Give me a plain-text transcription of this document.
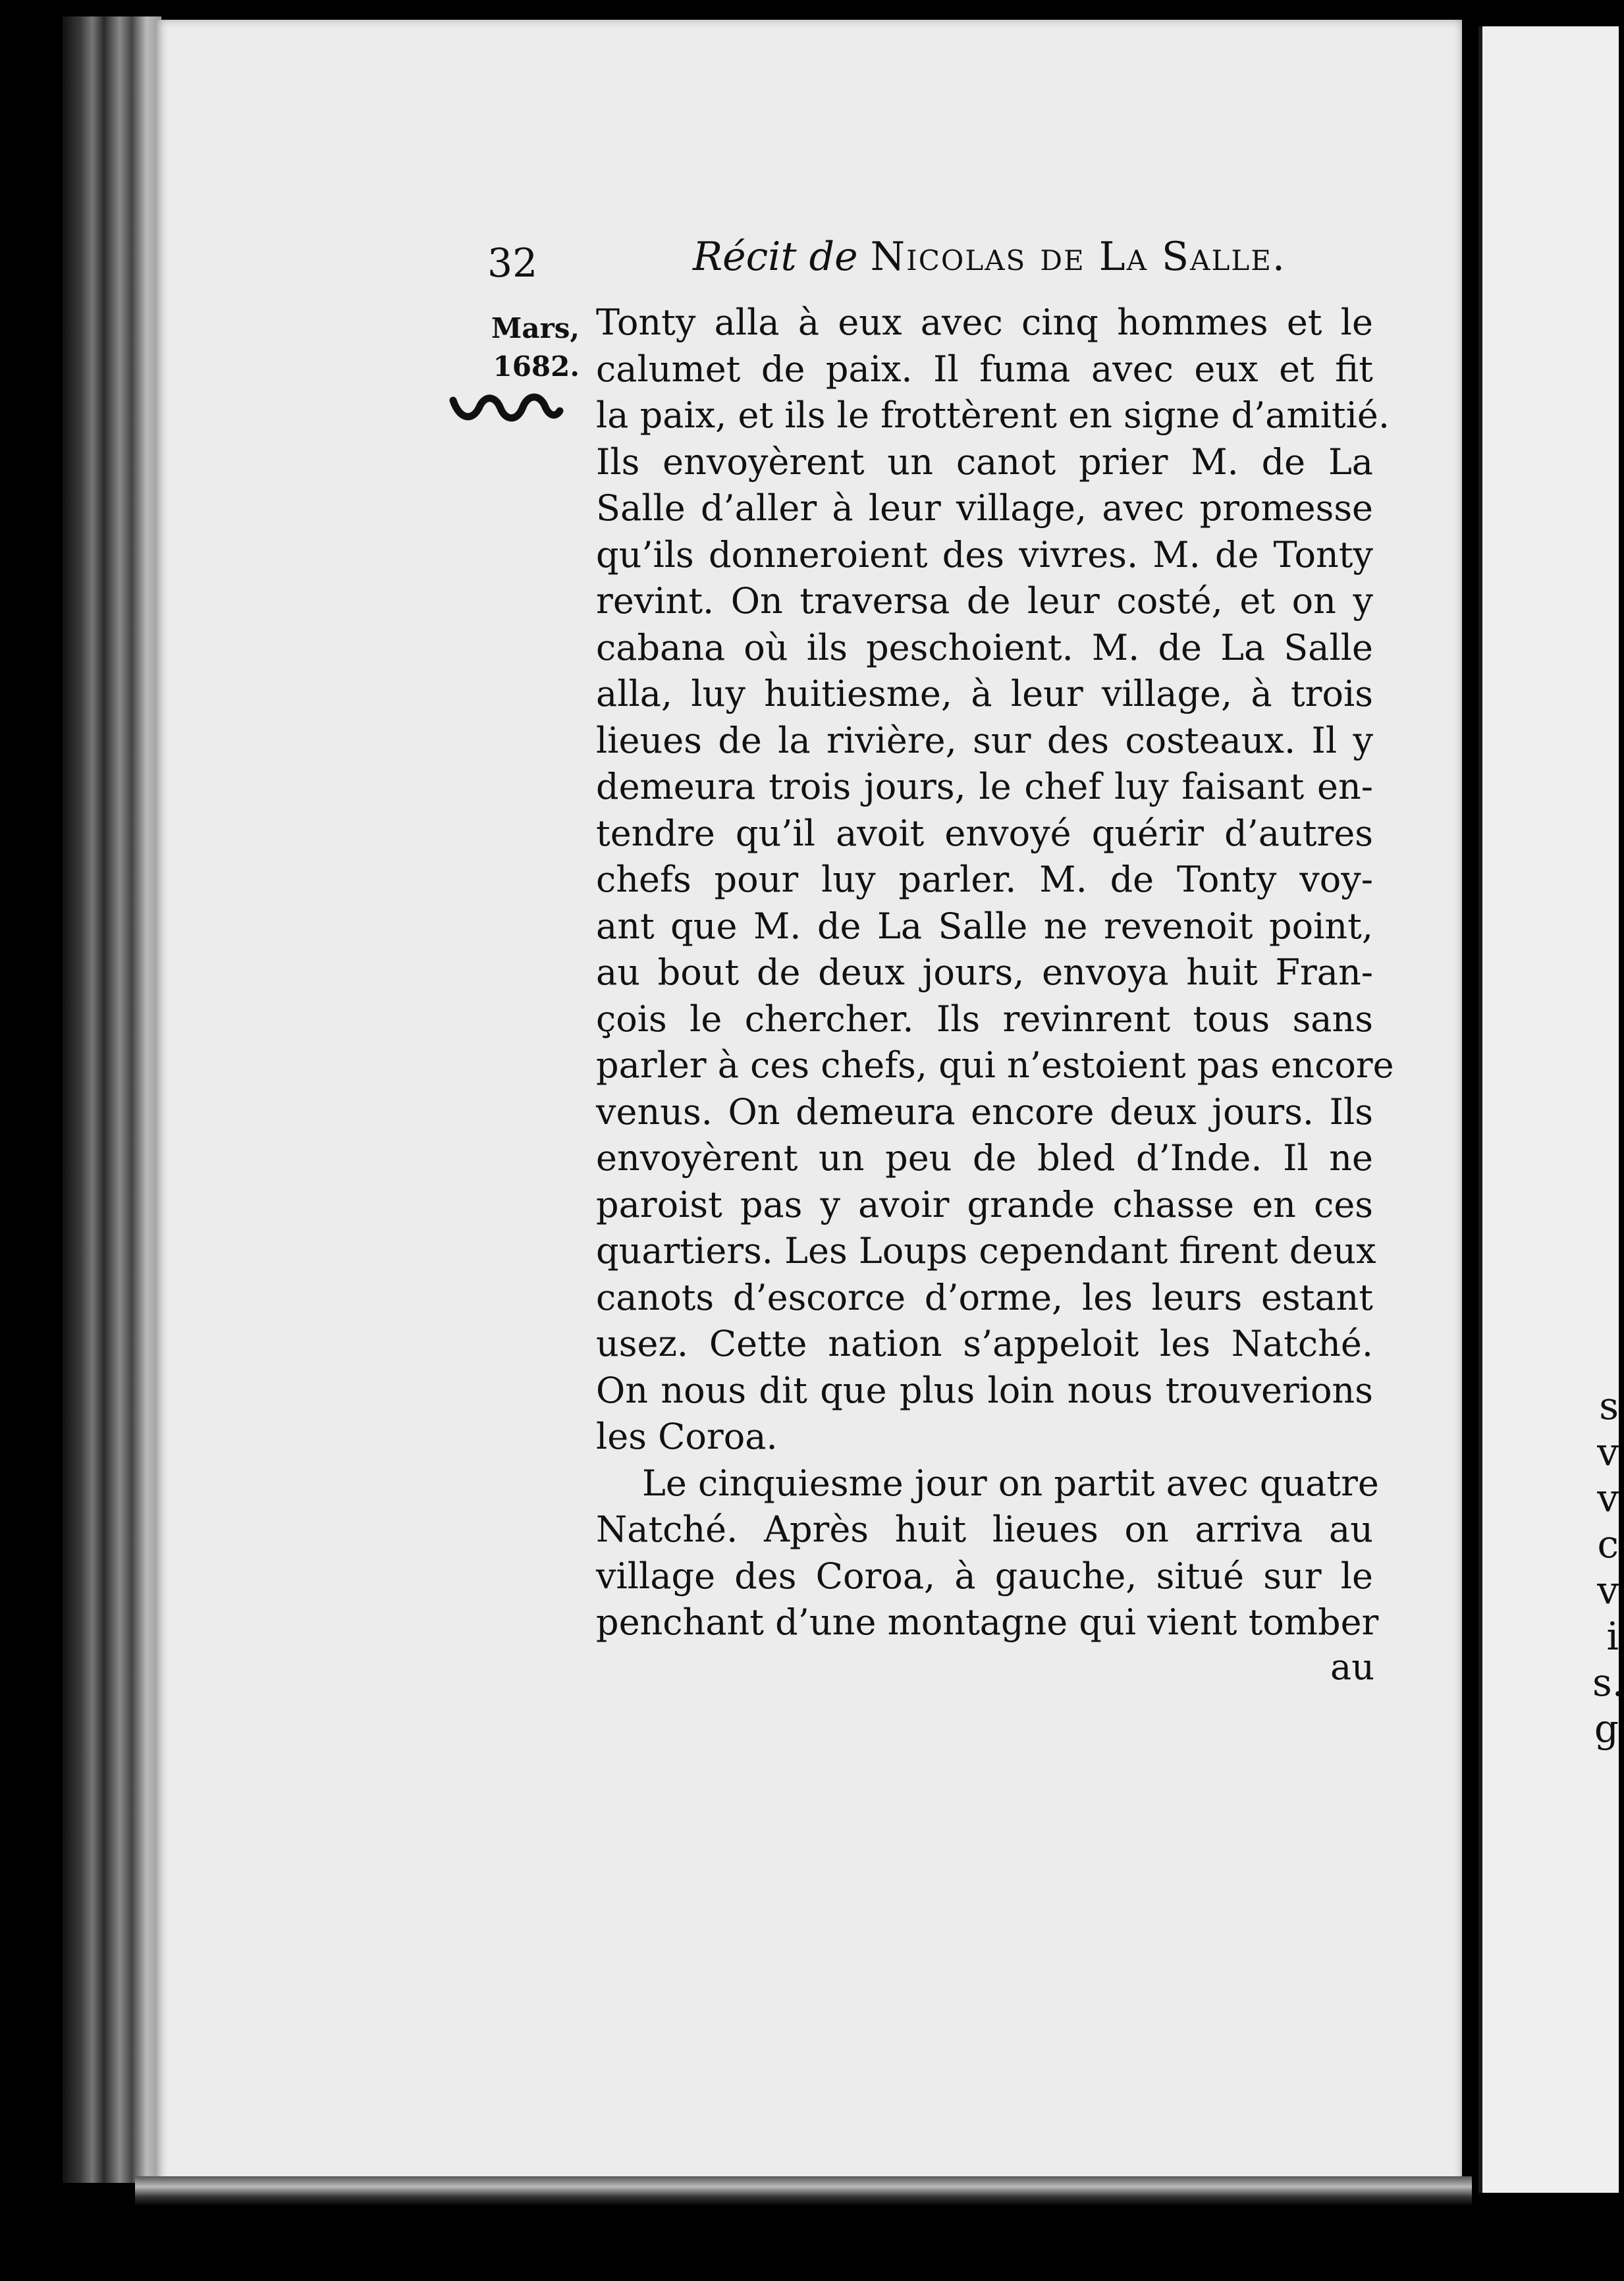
s
v
v
c
v
i
s.
g
32	Récit de Nicolas de La Salle.
Mars,
1682.
Tonty alla à eux avec cinq hommes et le
calumet de paix. Il fuma avec eux et fit
la paix, et ils le frottèrent en signe d’amitié.
Ils envoyèrent un canot prier M. de La
Salle d’aller à leur village, avec promesse
qu’ils donneroient des vivres. M. de Tonty
revint. On traversa de leur costé, et on y
cabana où ils peschoient. M. de La Salle
alla, luy huitiesme, à leur village, à trois
lieues de la rivière, sur des costeaux. Il y
demeura trois jours, le chef luy faisant en-
tendre qu’il avoit envoyé quérir d’autres
chefs pour luy parler. M. de Tonty voy-
ant que M. de La Salle ne revenoit point,
au bout de deux jours, envoya huit Fran-
çois le chercher. Ils revinrent tous sans
parler à ces chefs, qui n’estoient pas encore
venus. On demeura encore deux jours. Ils
envoyèrent un peu de bled d’Inde. Il ne
paroist pas y avoir grande chasse en ces
quartiers. Les Loups cependant firent deux
canots d’escorce d’orme, les leurs estant
usez. Cette nation s’appeloit les Natché.
On nous dit que plus loin nous trouverions
les Coroa.
Le cinquiesme jour on partit avec quatre
Natché. Après huit lieues on arriva au
village des Coroa, à gauche, situé sur le
penchant d’une montagne qui vient tomber
au
